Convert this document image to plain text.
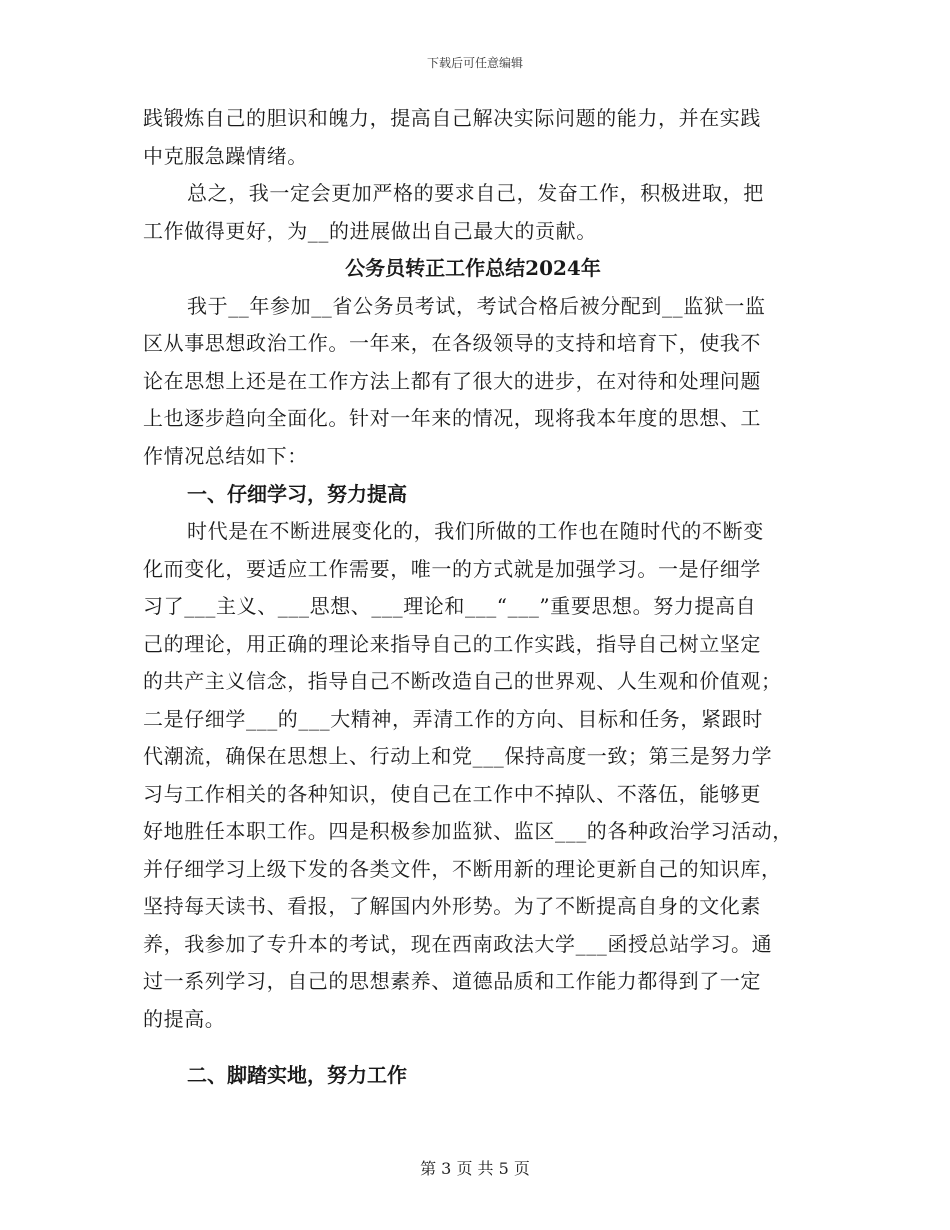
下载后可任意编辑

践锻炼自己的胆识和魄力，提高自己解决实际问题的能力，并在实践

中克服急躁情绪。

总之，我一定会更加严格的要求自己，发奋工作，积极进取，把

工作做得更好，为__的进展做出自己最大的贡献。

公务员转正工作总结2024年

我于__年参加__省公务员考试，考试合格后被分配到__监狱一监

区从事思想政治工作。一年来，在各级领导的支持和培育下，使我不

论在思想上还是在工作方法上都有了很大的进步，在对待和处理问题

上也逐步趋向全面化。针对一年来的情况，现将我本年度的思想、工

作情况总结如下：

一、仔细学习，努力提高

时代是在不断进展变化的，我们所做的工作也在随时代的不断变

化而变化，要适应工作需要，唯一的方式就是加强学习。一是仔细学

习了___主义、___思想、___理论和___“___”重要思想。努力提高自

己的理论，用正确的理论来指导自己的工作实践，指导自己树立坚定

的共产主义信念，指导自己不断改造自己的世界观、人生观和价值观；

二是仔细学___的___大精神，弄清工作的方向、目标和任务，紧跟时

代潮流，确保在思想上、行动上和党___保持高度一致；第三是努力学

习与工作相关的各种知识，使自己在工作中不掉队、不落伍，能够更

好地胜任本职工作。四是积极参加监狱、监区___的各种政治学习活动，

并仔细学习上级下发的各类文件，不断用新的理论更新自己的知识库，

坚持每天读书、看报，了解国内外形势。为了不断提高自身的文化素

养，我参加了专升本的考试，现在西南政法大学___函授总站学习。通

过一系列学习，自己的思想素养、道德品质和工作能力都得到了一定

的提高。

二、脚踏实地，努力工作

第 3 页 共 5 页
